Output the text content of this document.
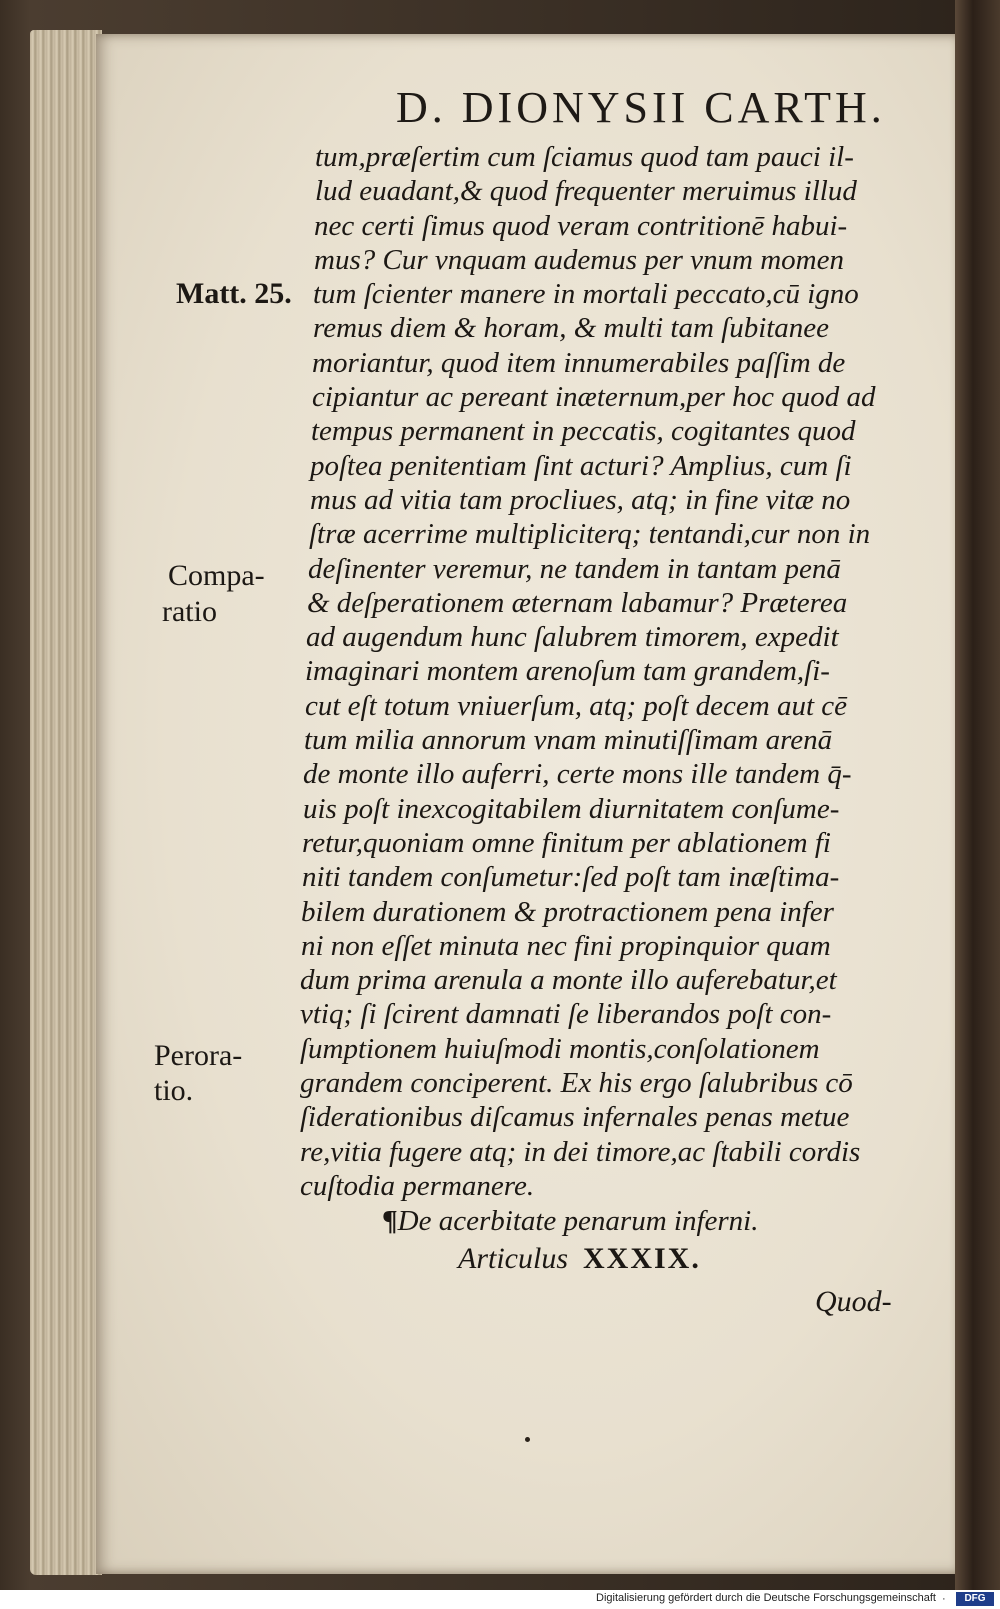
D. DIONYSII CARTH.
Matt. 25.
Compa-
ratio
Perora-
tio.
tum,præſertim cum ſciamus quod tam pauci il-
lud euadant,& quod frequenter meruimus illud
nec certi ſimus quod veram contritionē habui-
mus? Cur vnquam audemus per vnum momen
tum ſcienter manere in mortali peccato,cū igno
remus diem & horam, & multi tam ſubitanee
moriantur, quod item innumerabiles paſſim de
cipiantur ac pereant inæternum,per hoc quod ad
tempus permanent in peccatis, cogitantes quod
poſtea penitentiam ſint acturi? Amplius, cum ſi
mus ad vitia tam procliues, atq; in fine vitæ no
ſtræ acerrime multipliciterq; tentandi,cur non in
deſinenter veremur, ne tandem in tantam penā
& deſperationem æternam labamur? Præterea
ad augendum hunc ſalubrem timorem, expedit
imaginari montem arenoſum tam grandem,ſi-
cut eſt totum vniuerſum, atq; poſt decem aut cē
tum milia annorum vnam minutiſſimam arenā
de monte illo auferri, certe mons ille tandem q̄-
uis poſt inexcogitabilem diurnitatem conſume-
retur,quoniam omne finitum per ablationem fi
niti tandem conſumetur:ſed poſt tam inæſtima-
bilem durationem & protractionem pena infer
ni non eſſet minuta nec fini propinquior quam
dum prima arenula a monte illo auferebatur,et
vtiq; ſi ſcirent damnati ſe liberandos poſt con-
ſumptionem huiuſmodi montis,conſolationem
grandem conciperent. Ex his ergo ſalubribus cō
ſiderationibus diſcamus infernales penas metue
re,vitia fugere atq; in dei timore,ac ſtabili cordis
cuſtodia permanere.
¶De acerbitate penarum inferni.
Articulus XXXIX.
Quod-
Digitalisierung gefördert durch die Deutsche Forschungsgemeinschaft ·	DFG
